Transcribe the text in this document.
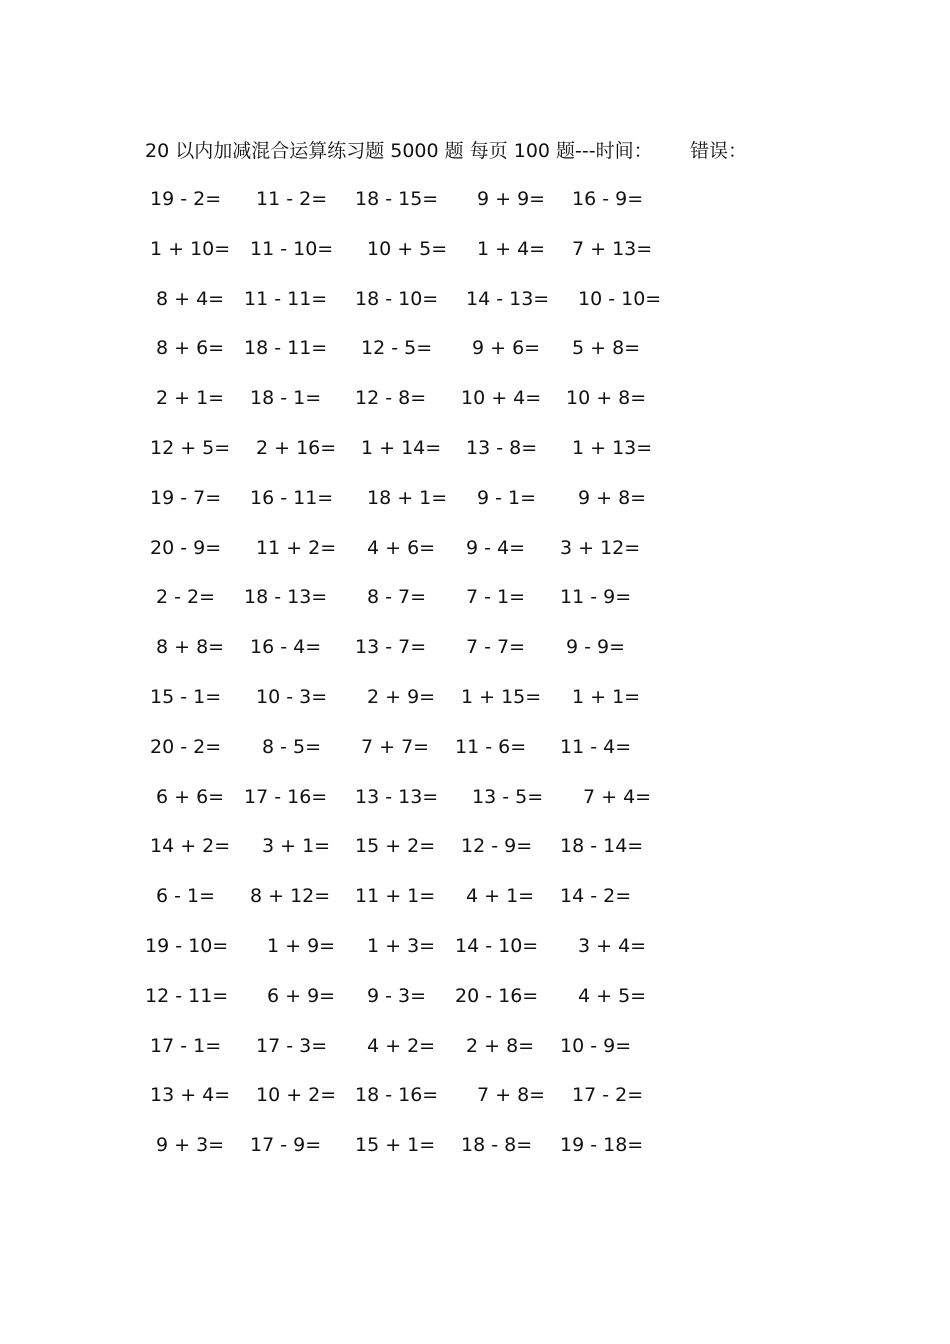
20 以内加减混合运算练习题 5000 题 每页 100 题---时间： 错误：
19 - 2= 11 - 2= 18 - 15= 9 + 9= 16 - 9=
1 + 10= 11 - 10= 10 + 5= 1 + 4= 7 + 13=
8 + 4= 11 - 11= 18 - 10= 14 - 13= 10 - 10=
8 + 6= 18 - 11= 12 - 5= 9 + 6= 5 + 8=
2 + 1= 18 - 1= 12 - 8= 10 + 4= 10 + 8=
12 + 5= 2 + 16= 1 + 14= 13 - 8= 1 + 13=
19 - 7= 16 - 11= 18 + 1= 9 - 1= 9 + 8=
20 - 9= 11 + 2= 4 + 6= 9 - 4= 3 + 12=
2 - 2= 18 - 13= 8 - 7= 7 - 1= 11 - 9=
8 + 8= 16 - 4= 13 - 7= 7 - 7= 9 - 9=
15 - 1= 10 - 3= 2 + 9= 1 + 15= 1 + 1=
20 - 2= 8 - 5= 7 + 7= 11 - 6= 11 - 4=
6 + 6= 17 - 16= 13 - 13= 13 - 5= 7 + 4=
14 + 2= 3 + 1= 15 + 2= 12 - 9= 18 - 14=
6 - 1= 8 + 12= 11 + 1= 4 + 1= 14 - 2=
19 - 10= 1 + 9= 1 + 3= 14 - 10= 3 + 4=
12 - 11= 6 + 9= 9 - 3= 20 - 16= 4 + 5=
17 - 1= 17 - 3= 4 + 2= 2 + 8= 10 - 9=
13 + 4= 10 + 2= 18 - 16= 7 + 8= 17 - 2=
9 + 3= 17 - 9= 15 + 1= 18 - 8= 19 - 18=
